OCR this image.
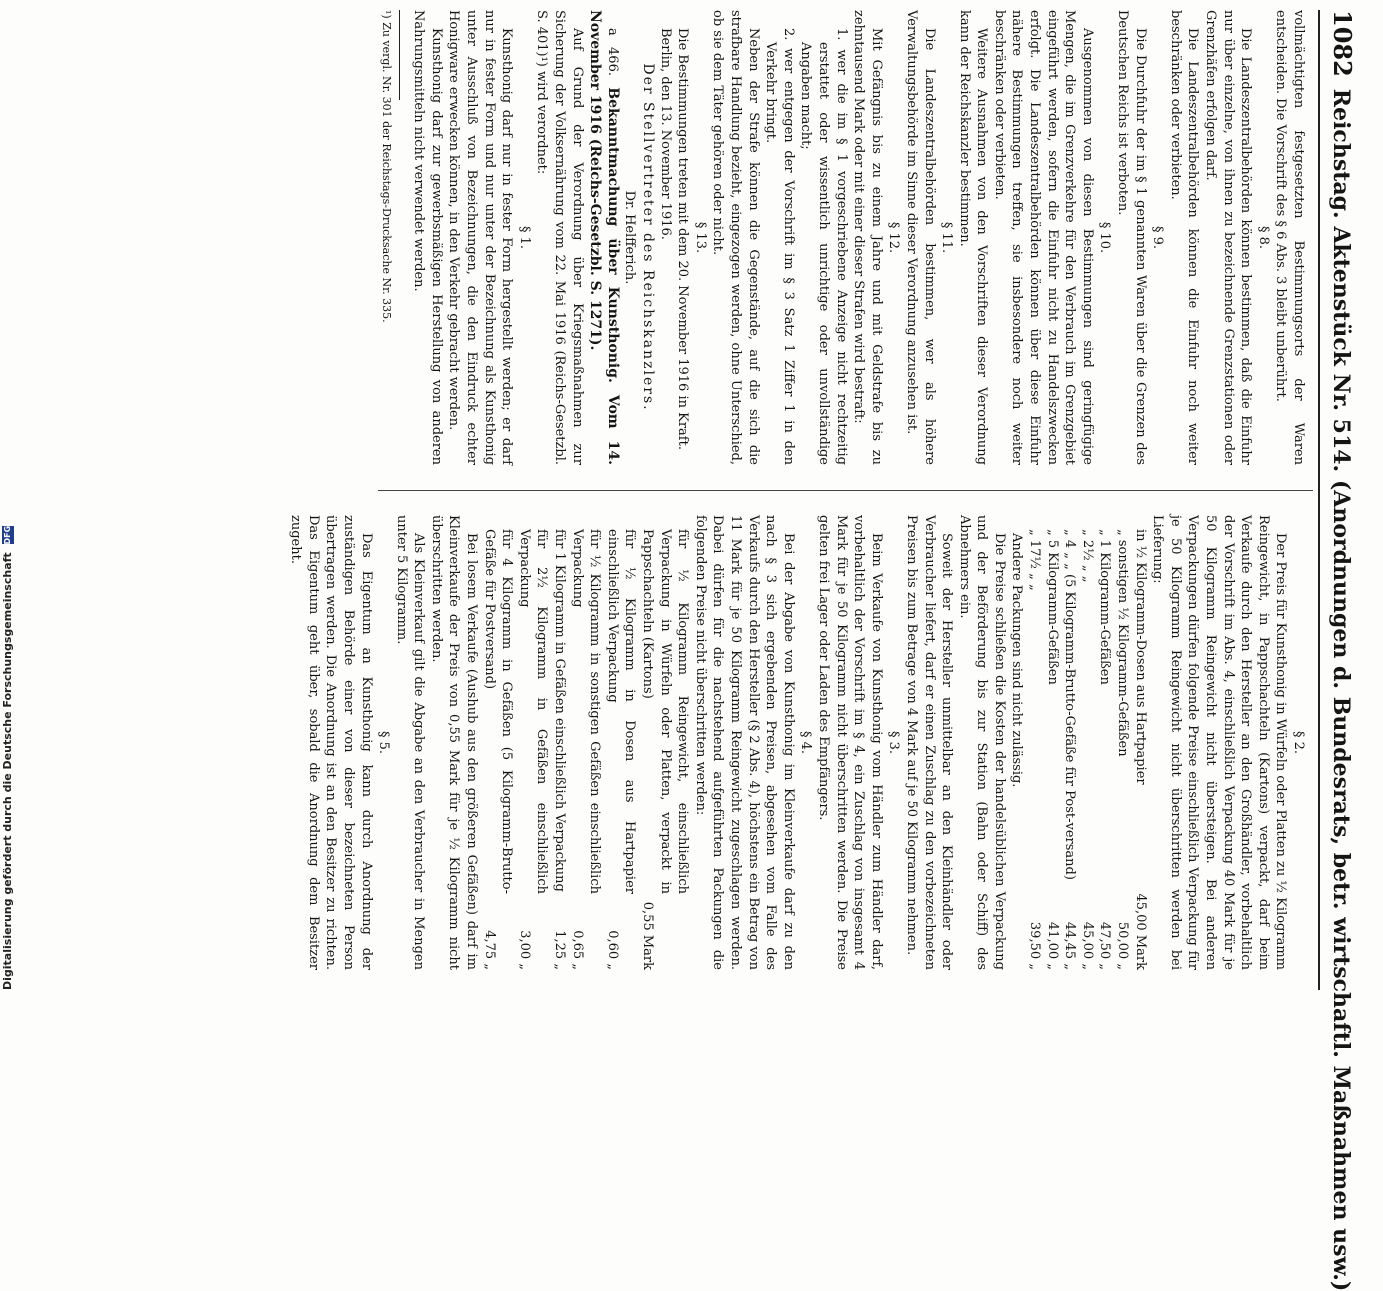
Digitalisierung gefördert durch die Deutsche Forschungsgemeinschaft DFG
1082
Reichstag. Aktenstück Nr. 514. (Anordnungen d. Bundesrats, betr. wirtschaftl. Maßnahmen usw.)

vollmächtigten festgesetzten Bestimmungsorts der Waren entscheiden. Die Vorschrift des § 6 Abs. 3 bleibt unberührt.

§ 8.

Die Landeszentralbehörden können bestimmen, daß die Einfuhr nur über einzelne, von ihnen zu bezeichnende Grenzstationen oder Grenzhäfen erfolgen darf.

Die Landeszentralbehörden können die Einfuhr noch weiter beschränken oder verbieten.

§ 9.

Die Durchfuhr der im § 1 genannten Waren über die Grenzen des Deutschen Reichs ist verboten.

§ 10.

Ausgenommen von diesen Bestimmungen sind geringfügige Mengen, die im Grenzverkehre für den Verbrauch im Grenzgebiet eingeführt werden, sofern die Einfuhr nicht zu Handelszwecken erfolgt. Die Landeszentralbehörden können über diese Einfuhr nähere Bestimmungen treffen, sie insbesondere noch weiter beschränken oder verbieten.

Weitere Ausnahmen von den Vorschriften dieser Verordnung kann der Reichskanzler bestimmen.

§ 11.

Die Landeszentralbehörden bestimmen, wer als höhere Verwaltungsbehörde im Sinne dieser Verordnung anzusehen ist.

§ 12.

Mit Gefängnis bis zu einem Jahre und mit Geldstrafe bis zu zehntausend Mark oder mit einer dieser Strafen wird bestraft:

1. wer die im § 1 vorgeschriebene Anzeige nicht rechtzeitig erstattet oder wissentlich unrichtige oder unvollständige Angaben macht;

2. wer entgegen der Vorschrift im § 3 Satz 1 Ziffer 1 in den Verkehr bringt.

Neben der Strafe können die Gegenstände, auf die sich die strafbare Handlung bezieht, eingezogen werden, ohne Unterschied, ob sie dem Täter gehören oder nicht.

§ 13.

Die Bestimmungen treten mit dem 20. November 1916 in Kraft.

Berlin, den 13. November 1916.

Der Stellvertreter des Reichskanzlers.

Dr. Helfferich.

a 466. Bekanntmachung über Kunsthonig. Vom 14. November 1916 (Reichs-Gesetzbl. S. 1271).

Auf Grund der Verordnung über Kriegsmaßnahmen zur Sicherung der Volksernährung vom 22. Mai 1916 (Reichs-Gesetzbl. S. 401)¹) wird verordnet:

§ 1.

Kunsthonig darf nur in fester Form hergestellt werden; er darf nur in fester Form und nur unter der Bezeichnung als Kunsthonig unter Ausschluß von Bezeichnungen, die den Eindruck echter Honigware erwecken können, in den Verkehr gebracht werden.

Kunsthonig darf zur gewerbsmäßigen Herstellung von anderen Nahrungsmitteln nicht verwendet werden.

¹) Zu vergl. Nr. 301 der Reichstags-Drucksache Nr. 335.

§ 2.

Der Preis für Kunsthonig in Würfeln oder Platten zu ½ Kilogramm Reingewicht, in Pappschachteln (Kartons) verpackt, darf beim Verkaufe durch den Hersteller an den Großhändler, vorbehaltlich der Vorschrift im Abs. 4, einschließlich Verpackung 40 Mark für je 50 Kilogramm Reingewicht nicht übersteigen. Bei anderen Verpackungen dürfen folgende Preise einschließlich Verpackung für je 50 Kilogramm Reingewicht nicht überschritten werden bei Lieferung:

in ½ Kilogramm-Dosen aus Hartpapier	45,00 Mark
„ sonstigen ½ Kilogramm-Gefäßen	50,00 „
„ 1 Kilogramm-Gefäßen	47,50 „
„ 2½ „ „	45,00 „
„ 4 „ „ (5 Kilogramm-Brutto-Gefäße für Post-versand)	44,45 „
„ 5 Kilogramm-Gefäßen	41,00 „
„ 17½ „ „	39,50 „

Andere Packungen sind nicht zulässig.

Die Preise schließen die Kosten der handelsüblichen Verpackung und der Beförderung bis zur Station (Bahn oder Schiff) des Abnehmers ein.

Soweit der Hersteller unmittelbar an den Kleinhändler oder Verbraucher liefert, darf er einen Zuschlag zu den vorbezeichneten Preisen bis zum Betrage von 4 Mark auf je 50 Kilogramm nehmen.

§ 3.

Beim Verkaufe von Kunsthonig vom Händler zum Händler darf, vorbehaltlich der Vorschrift im § 4, ein Zuschlag von insgesamt 4 Mark für je 50 Kilogramm nicht überschritten werden. Die Preise gelten frei Lager oder Laden des Empfängers.

§ 4.

Bei der Abgabe von Kunsthonig im Kleinverkaufe darf zu den nach § 3 sich ergebenden Preisen, abgesehen vom Falle des Verkaufs durch den Hersteller (§ 2 Abs. 4), höchstens ein Betrag von 11 Mark für je 50 Kilogramm Reingewicht zugeschlagen werden. Dabei dürfen für die nachstehend aufgeführten Packungen die folgenden Preise nicht überschritten werden:

für ½ Kilogramm Reingewicht, einschließlich Verpackung in Würfeln oder Platten, verpackt in Pappschachteln (Kartons)	0,55 Mark
für ½ Kilogramm in Dosen aus Hartpapier einschließlich Verpackung	0,60 „
für ½ Kilogramm in sonstigen Gefäßen einschließlich Verpackung	0,65 „
für 1 Kilogramm in Gefäßen einschließlich Verpackung	1,25 „
für 2½ Kilogramm in Gefäßen einschließlich Verpackung	3,00 „
für 4 Kilogramm in Gefäßen (5 Kilogramm-Brutto-Gefäße für Postversand)	4,75 „

Bei losem Verkaufe (Aushub aus den größeren Gefäßen) darf im Kleinverkaufe der Preis von 0,55 Mark für je ½ Kilogramm nicht überschritten werden.

Als Kleinverkauf gilt die Abgabe an den Verbraucher in Mengen unter 5 Kilogramm.

§ 5.

Das Eigentum an Kunsthonig kann durch Anordnung der zuständigen Behörde einer von dieser bezeichneten Person übertragen werden. Die Anordnung ist an den Besitzer zu richten. Das Eigentum geht über, sobald die Anordnung dem Besitzer zugeht.
